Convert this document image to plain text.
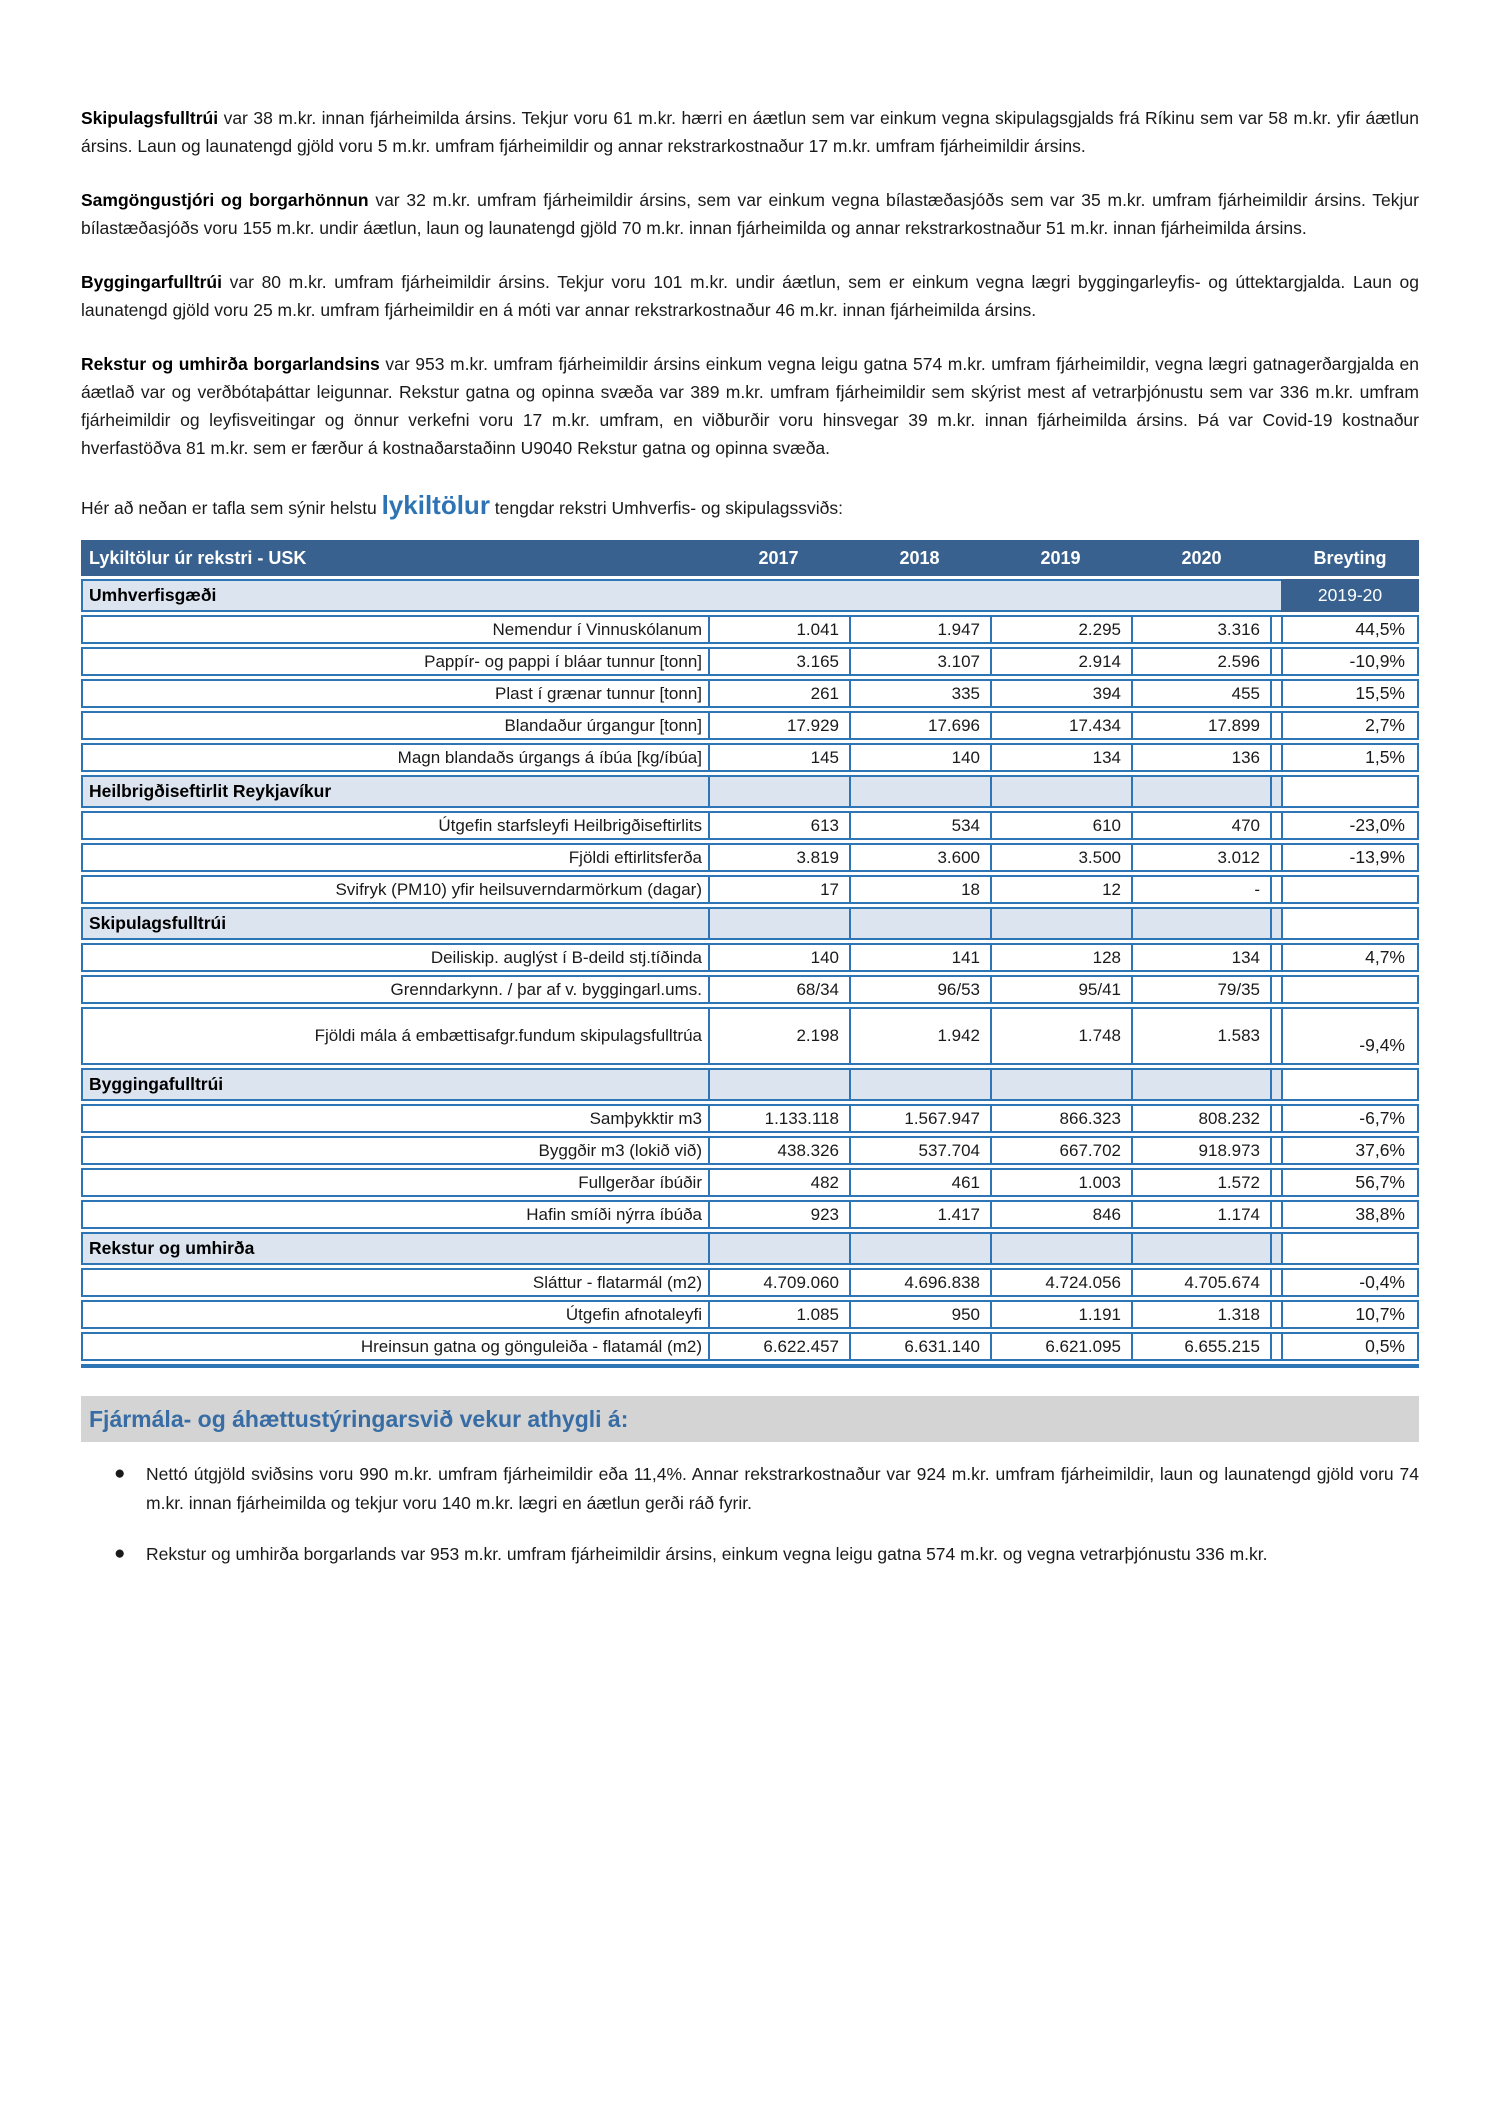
Skipulagsfulltrúi var 38 m.kr. innan fjárheimilda ársins. Tekjur voru 61 m.kr. hærri en áætlun sem var einkum vegna skipulagsgjalds frá Ríkinu sem var 58 m.kr. yfir áætlun ársins. Laun og launatengd gjöld voru 5 m.kr. umfram fjárheimildir og annar rekstrarkostnaður 17 m.kr. umfram fjárheimildir ársins.

Samgöngustjóri og borgarhönnun var 32 m.kr. umfram fjárheimildir ársins, sem var einkum vegna bílastæðasjóðs sem var 35 m.kr. umfram fjárheimildir ársins. Tekjur bílastæðasjóðs voru 155 m.kr. undir áætlun, laun og launatengd gjöld 70 m.kr. innan fjárheimilda og annar rekstrarkostnaður 51 m.kr. innan fjárheimilda ársins.

Byggingarfulltrúi var 80 m.kr. umfram fjárheimildir ársins. Tekjur voru 101 m.kr. undir áætlun, sem er einkum vegna lægri byggingarleyfis- og úttektargjalda. Laun og launatengd gjöld voru 25 m.kr. umfram fjárheimildir en á móti var annar rekstrarkostnaður 46 m.kr. innan fjárheimilda ársins.

Rekstur og umhirða borgarlandsins var 953 m.kr. umfram fjárheimildir ársins einkum vegna leigu gatna 574 m.kr. umfram fjárheimildir, vegna lægri gatnagerðargjalda en áætlað var og verðbótaþáttar leigunnar. Rekstur gatna og opinna svæða var 389 m.kr. umfram fjárheimildir sem skýrist mest af vetrarþjónustu sem var 336 m.kr. umfram fjárheimildir og leyfisveitingar og önnur verkefni voru 17 m.kr. umfram, en viðburðir voru hinsvegar 39 m.kr. innan fjárheimilda ársins. Þá var Covid-19 kostnaður hverfastöðva 81 m.kr. sem er færður á kostnaðarstaðinn U9040 Rekstur gatna og opinna svæða.

Hér að neðan er tafla sem sýnir helstu lykiltölur tengdar rekstri Umhverfis- og skipulagssviðs:

Lykiltölur úr rekstri - USK	2017	2018	2019	2020		Breyting
Umhverfisgæði						2019-20
Nemendur í Vinnuskólanum	1.041	1.947	2.295	3.316		44,5%
Pappír- og pappi í bláar tunnur [tonn]	3.165	3.107	2.914	2.596		-10,9%
Plast í grænar tunnur [tonn]	261	335	394	455		15,5%
Blandaður úrgangur [tonn]	17.929	17.696	17.434	17.899		2,7%
Magn blandaðs úrgangs á íbúa [kg/íbúa]	145	140	134	136		1,5%
Heilbrigðiseftirlit Reykjavíkur						
Útgefin starfsleyfi Heilbrigðiseftirlits	613	534	610	470		-23,0%
Fjöldi eftirlitsferða	3.819	3.600	3.500	3.012		-13,9%
Svifryk (PM10) yfir heilsuverndarmörkum (dagar)	17	18	12	-		
Skipulagsfulltrúi						
Deiliskip. auglýst í B-deild stj.tíðinda	140	141	128	134		4,7%
Grenndarkynn. / þar af v. byggingarl.ums.	68/34	96/53	95/41	79/35		
Fjöldi mála á embættisafgr.fundum skipulagsfulltrúa	2.198	1.942	1.748	1.583		-9,4%
Byggingafulltrúi						
Samþykktir m3	1.133.118	1.567.947	866.323	808.232		-6,7%
Byggðir m3 (lokið við)	438.326	537.704	667.702	918.973		37,6%
Fullgerðar íbúðir	482	461	1.003	1.572		56,7%
Hafin smíði nýrra íbúða	923	1.417	846	1.174		38,8%
Rekstur og umhirða						
Sláttur - flatarmál (m2)	4.709.060	4.696.838	4.724.056	4.705.674		-0,4%
Útgefin afnotaleyfi	1.085	950	1.191	1.318		10,7%
Hreinsun gatna og gönguleiða - flatamál (m2)	6.622.457	6.631.140	6.621.095	6.655.215		0,5%
Fjármála- og áhættustýringarsvið vekur athygli á:
● Nettó útgjöld sviðsins voru 990 m.kr. umfram fjárheimildir eða 11,4%. Annar rekstrarkostnaður var 924 m.kr. umfram fjárheimildir, laun og launatengd gjöld voru 74 m.kr. innan fjárheimilda og tekjur voru 140 m.kr. lægri en áætlun gerði ráð fyrir.
● Rekstur og umhirða borgarlands var 953 m.kr. umfram fjárheimildir ársins, einkum vegna leigu gatna 574 m.kr. og vegna vetrarþjónustu 336 m.kr.
